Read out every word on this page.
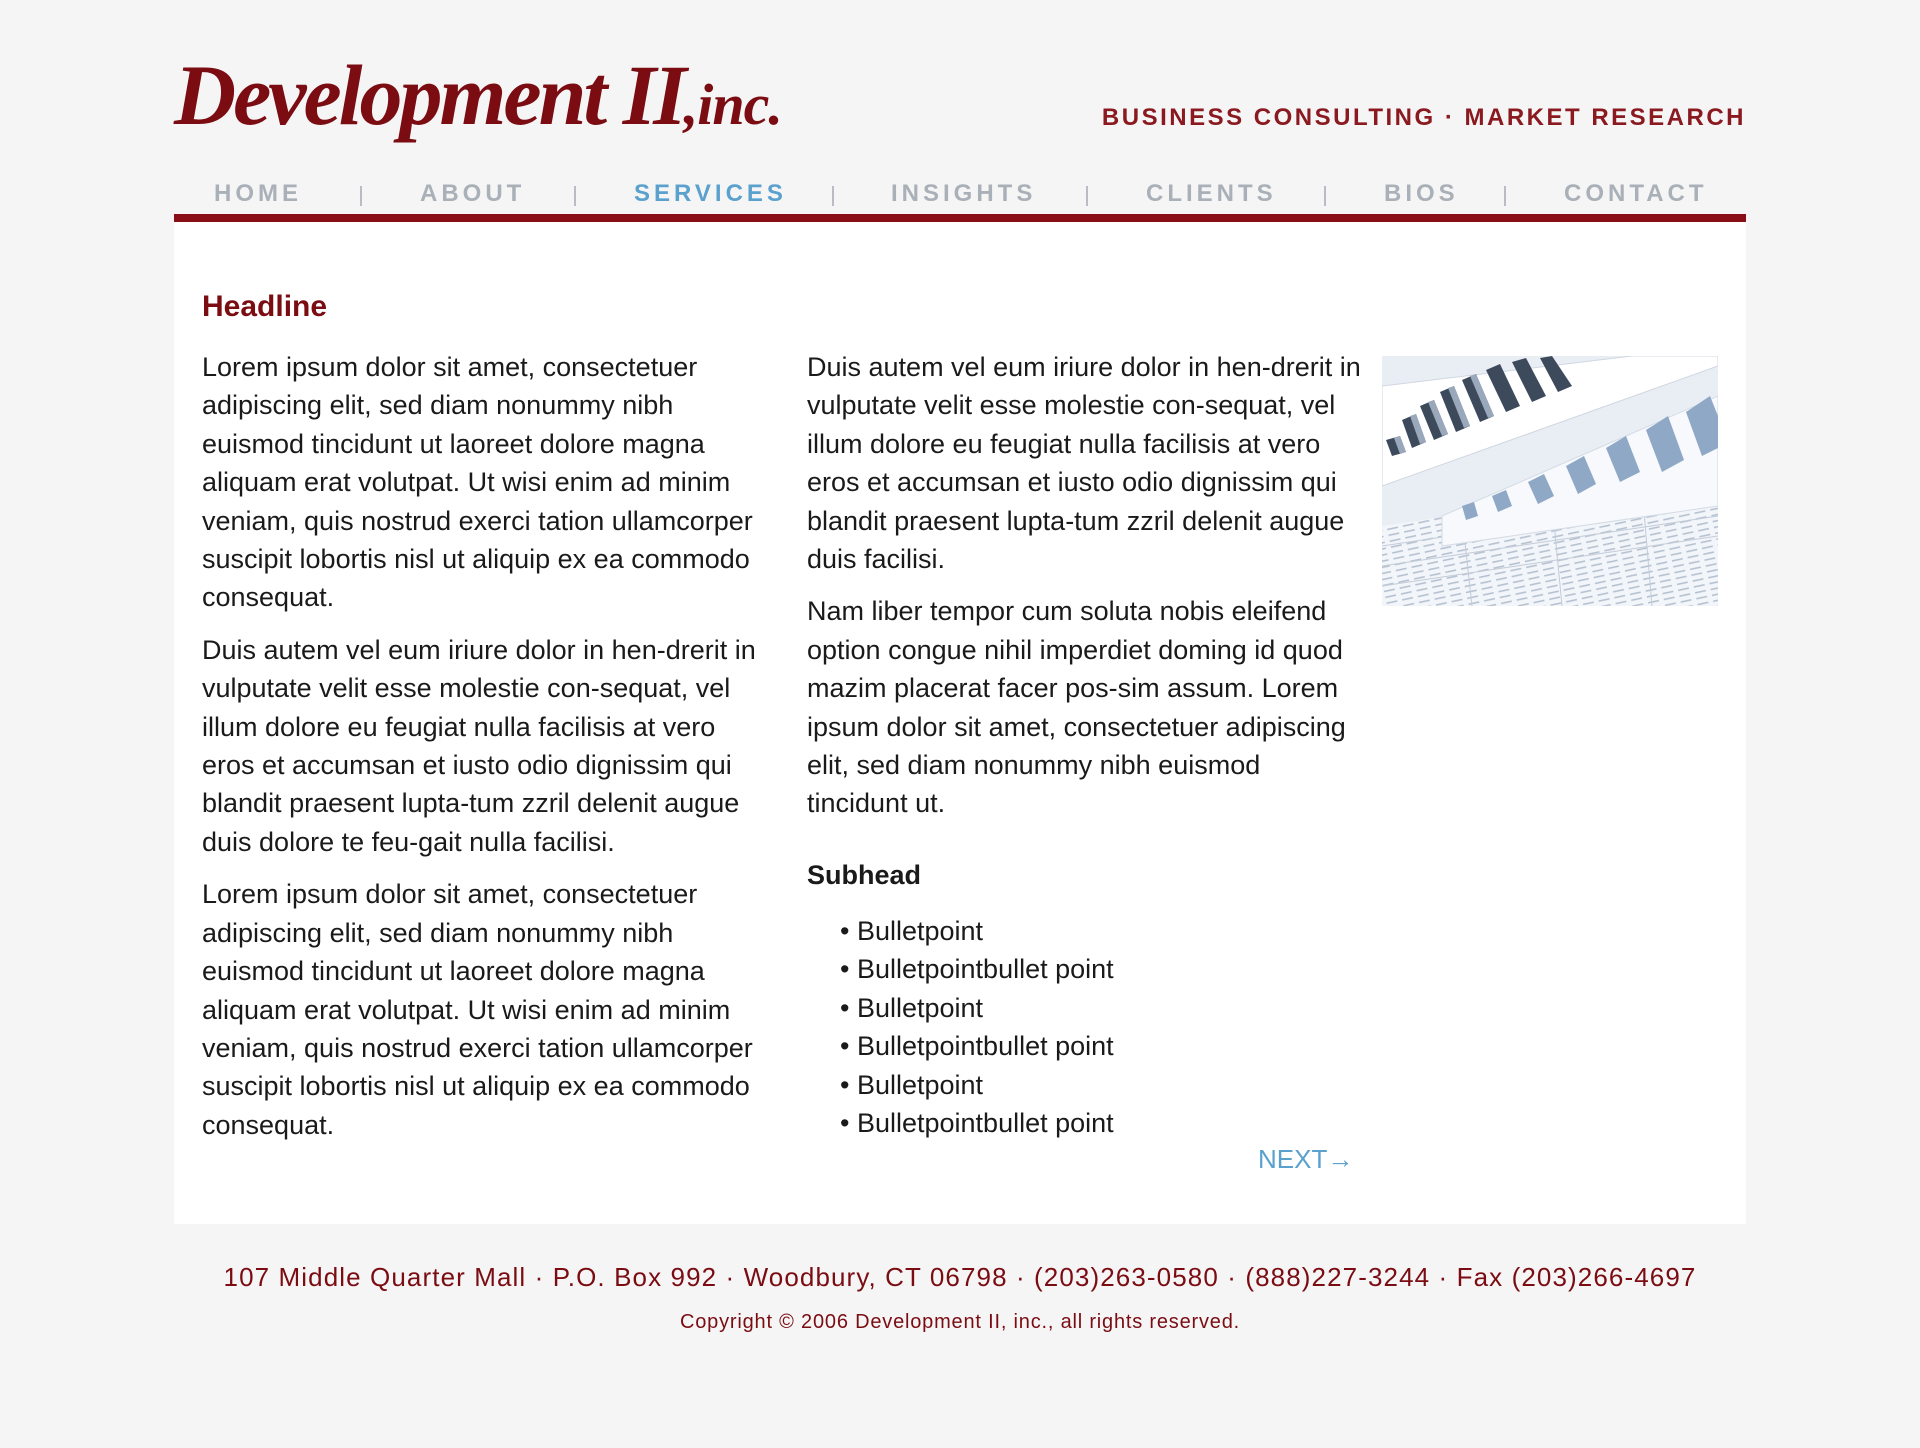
Development II,inc.	BUSINESS CONSULTING · MARKET RESEARCH
HOME	ABOUT	SERVICES	INSIGHTS	CLIENTS	BIOS	CONTACT
Headline

Lorem ipsum dolor sit amet, consectetuer adipiscing elit, sed diam nonummy nibh euismod tincidunt ut laoreet dolore magna aliquam erat volutpat. Ut wisi enim ad minim veniam, quis nostrud exerci tation ullamcorper suscipit lobortis nisl ut aliquip ex ea commodo consequat.

Duis autem vel eum iriure dolor in hen-drerit in vulputate velit esse molestie con-sequat, vel illum dolore eu feugiat nulla facilisis at vero eros et accumsan et iusto odio dignissim qui blandit praesent lupta-tum zzril delenit augue duis dolore te feu-gait nulla facilisi.

Lorem ipsum dolor sit amet, consectetuer adipiscing elit, sed diam nonummy nibh euismod tincidunt ut laoreet dolore magna aliquam erat volutpat. Ut wisi enim ad minim veniam, quis nostrud exerci tation ullamcorper suscipit lobortis nisl ut aliquip ex ea commodo consequat.

Duis autem vel eum iriure dolor in hen-drerit in vulputate velit esse molestie con-sequat, vel illum dolore eu feugiat nulla facilisis at vero eros et accumsan et iusto odio dignissim qui blandit praesent lupta-tum zzril delenit augue duis facilisi.

Nam liber tempor cum soluta nobis eleifend option congue nihil imperdiet doming id quod mazim placerat facer pos-sim assum. Lorem ipsum dolor sit amet, consectetuer adipiscing elit, sed diam nonummy nibh euismod tincidunt ut.

Subhead
• Bulletpoint
• Bulletpointbullet point
• Bulletpoint
• Bulletpointbullet point
• Bulletpoint
• Bulletpointbullet point
NEXT→
107 Middle Quarter Mall · P.O. Box 992 · Woodbury, CT 06798 · (203)263-0580 · (888)227-3244 · Fax (203)266-4697
Copyright © 2006 Development II, inc., all rights reserved.
